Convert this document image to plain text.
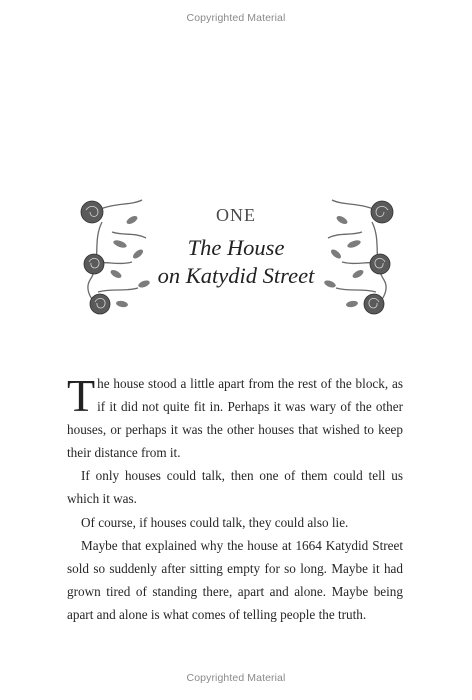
Copyrighted Material
ONE
The House
on Katydid Street

The house stood a little apart from the rest of the block, as if it did not quite fit in. Perhaps it was wary of the other houses, or perhaps it was the other houses that wished to keep their distance from it.

If only houses could talk, then one of them could tell us which it was.

Of course, if houses could talk, they could also lie.

Maybe that explained why the house at 1664 Katydid Street sold so suddenly after sitting empty for so long. Maybe it had grown tired of standing there, apart and alone. Maybe being apart and alone is what comes of telling people the truth.

Copyrighted Material
